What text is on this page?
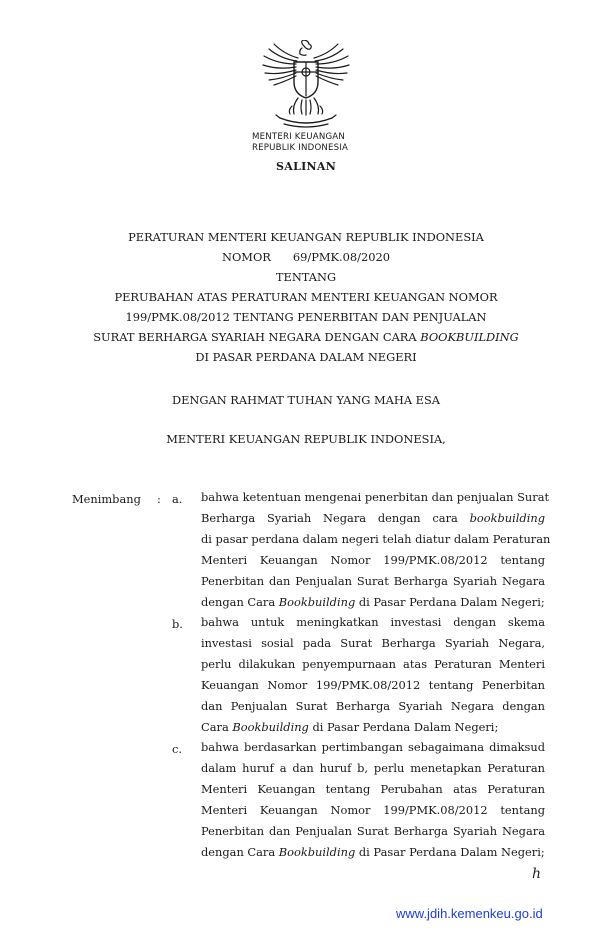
MENTERI KEUANGAN
REPUBLIK INDONESIA
SALINAN
PERATURAN MENTERI KEUANGAN REPUBLIK INDONESIA
NOMOR 69/PMK.08/2020
TENTANG
PERUBAHAN ATAS PERATURAN MENTERI KEUANGAN NOMOR
199/PMK.08/2012 TENTANG PENERBITAN DAN PENJUALAN
SURAT BERHARGA SYARIAH NEGARA DENGAN CARA BOOKBUILDING
DI PASAR PERDANA DALAM NEGERI
DENGAN RAHMAT TUHAN YANG MAHA ESA
MENTERI KEUANGAN REPUBLIK INDONESIA,
Menimbang : a. bahwa ketentuan mengenai penerbitan dan penjualan Surat
Berharga Syariah Negara dengan cara bookbuilding
di pasar perdana dalam negeri telah diatur dalam Peraturan
Menteri Keuangan Nomor 199/PMK.08/2012 tentang
Penerbitan dan Penjualan Surat Berharga Syariah Negara
dengan Cara Bookbuilding di Pasar Perdana Dalam Negeri;
b. bahwa untuk meningkatkan investasi dengan skema
investasi sosial pada Surat Berharga Syariah Negara,
perlu dilakukan penyempurnaan atas Peraturan Menteri
Keuangan Nomor 199/PMK.08/2012 tentang Penerbitan
dan Penjualan Surat Berharga Syariah Negara dengan
Cara Bookbuilding di Pasar Perdana Dalam Negeri;
c. bahwa berdasarkan pertimbangan sebagaimana dimaksud
dalam huruf a dan huruf b, perlu menetapkan Peraturan
Menteri Keuangan tentang Perubahan atas Peraturan
Menteri Keuangan Nomor 199/PMK.08/2012 tentang
Penerbitan dan Penjualan Surat Berharga Syariah Negara
dengan Cara Bookbuilding di Pasar Perdana Dalam Negeri;
h
www.jdih.kemenkeu.go.id
